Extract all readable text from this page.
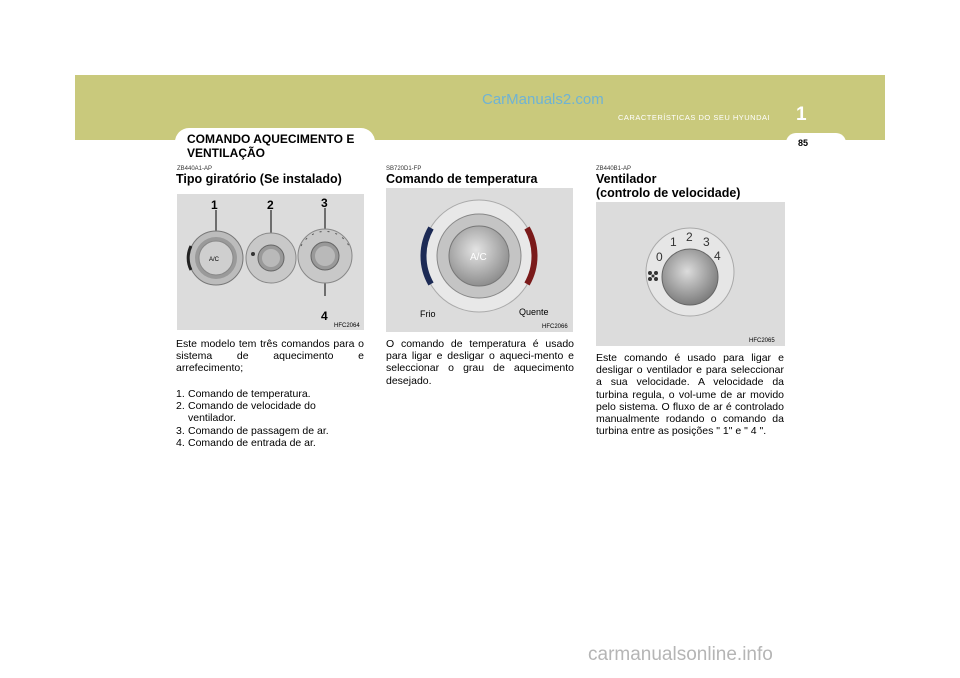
CarManuals2.com
CARACTERÍSTICAS DO SEU HYUNDAI 1
85
COMANDO AQUECIMENTO E VENTILAÇÃO
ZB440A1-AP
Tipo giratório (Se instalado)
A/C
1	2	3
4
HFC2064
Este modelo tem três comandos para o sistema de aquecimento e arrefecimento;
1. Comando de temperatura.
2. Comando de velocidade do ventilador.
3. Comando de passagem de ar.
4. Comando de entrada de ar.
SB720D1-FP
Comando de temperatura
A/C
Frio	Quente
HFC2066
O comando de temperatura é usado para ligar e desligar o aqueci-mento e seleccionar o grau de aquecimento desejado.
ZB440B1-AP
Ventilador
(controlo de velocidade)
0
1 2 3
4
HFC2065
Este comando é usado para ligar e desligar o ventilador e para seleccionar a sua velocidade. A velocidade da turbina regula, o vol-ume de ar movido pelo sistema. O fluxo de ar é controlado manualmente rodando o comando da turbina entre as posições " 1" e " 4 ".
carmanualsonline.info
